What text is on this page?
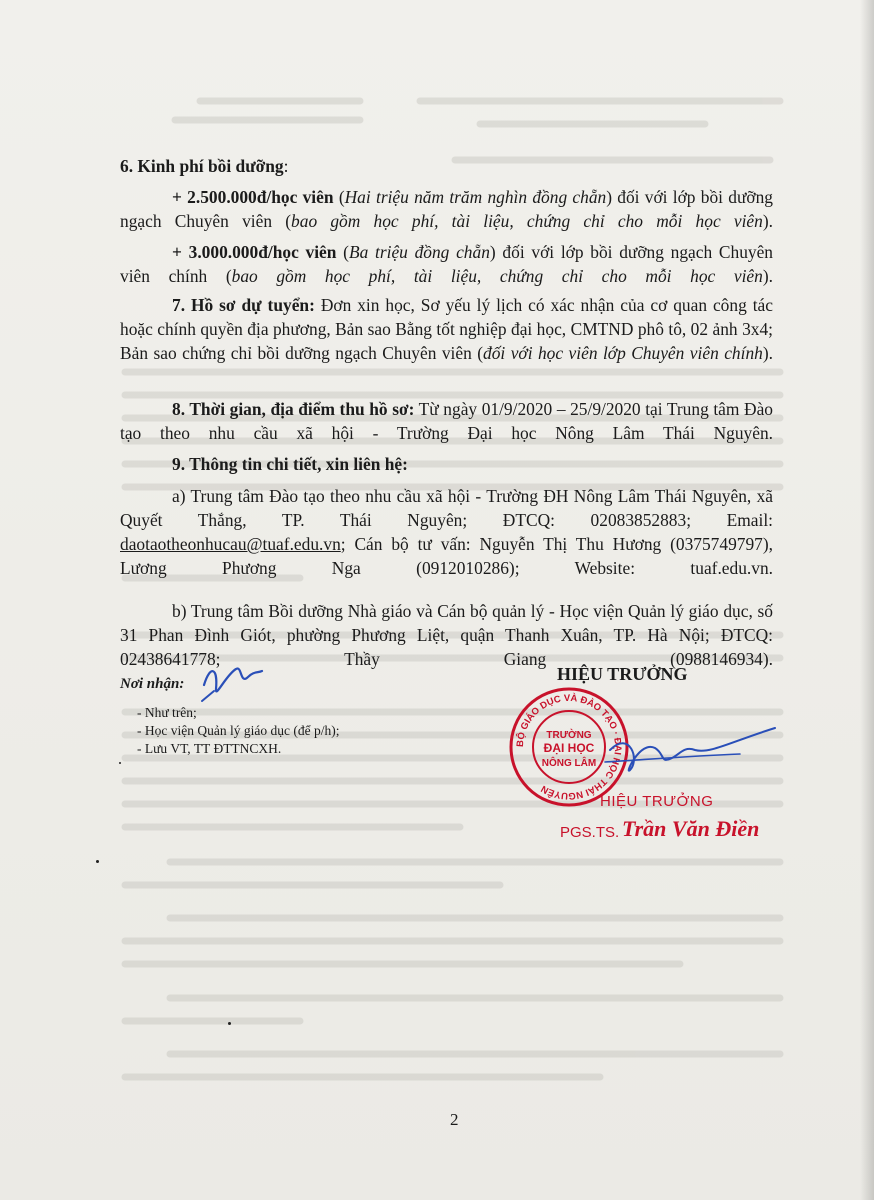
6. Kinh phí bồi dưỡng:

+ 2.500.000đ/học viên (Hai triệu năm trăm nghìn đồng chẵn) đối với lớp bồi dưỡng ngạch Chuyên viên (bao gồm học phí, tài liệu, chứng chỉ cho mỗi học viên).

+ 3.000.000đ/học viên (Ba triệu đồng chẵn) đối với lớp bồi dưỡng ngạch Chuyên viên chính (bao gồm học phí, tài liệu, chứng chỉ cho mỗi học viên).

7. Hồ sơ dự tuyển: Đơn xin học, Sơ yếu lý lịch có xác nhận của cơ quan công tác hoặc chính quyền địa phương, Bản sao Bằng tốt nghiệp đại học, CMTND phô tô, 02 ảnh 3x4; Bản sao chứng chỉ bồi dưỡng ngạch Chuyên viên (đối với học viên lớp Chuyên viên chính).

8. Thời gian, địa điểm thu hồ sơ: Từ ngày 01/9/2020 – 25/9/2020 tại Trung tâm Đào tạo theo nhu cầu xã hội - Trường Đại học Nông Lâm Thái Nguyên.

9. Thông tin chi tiết, xin liên hệ:

a) Trung tâm Đào tạo theo nhu cầu xã hội - Trường ĐH Nông Lâm Thái Nguyên, xã Quyết Thắng, TP. Thái Nguyên; ĐTCQ: 02083852883; Email: daotaotheonhucau@tuaf.edu.vn; Cán bộ tư vấn: Nguyễn Thị Thu Hương (0375749797), Lương Phương Nga (0912010286); Website: tuaf.edu.vn.

b) Trung tâm Bồi dưỡng Nhà giáo và Cán bộ quản lý - Học viện Quản lý giáo dục, số 31 Phan Đình Giót, phường Phương Liệt, quận Thanh Xuân, TP. Hà Nội; ĐTCQ: 02438641778; Thầy Giang (0988146934).

HIỆU TRƯỞNG
Nơi nhận:
- Như trên;
- Học viện Quản lý giáo dục (để p/h);
- Lưu VT, TT ĐTTNCXH.	BỘ GIÁO DỤC VÀ ĐÀO TẠO · ĐẠI HỌC THÁI NGUYÊN
TRƯỜNG
ĐẠI HỌC
NÔNG LÂM
HIỆU TRƯỞNG
PGS.TS. Trần Văn Điền
2
